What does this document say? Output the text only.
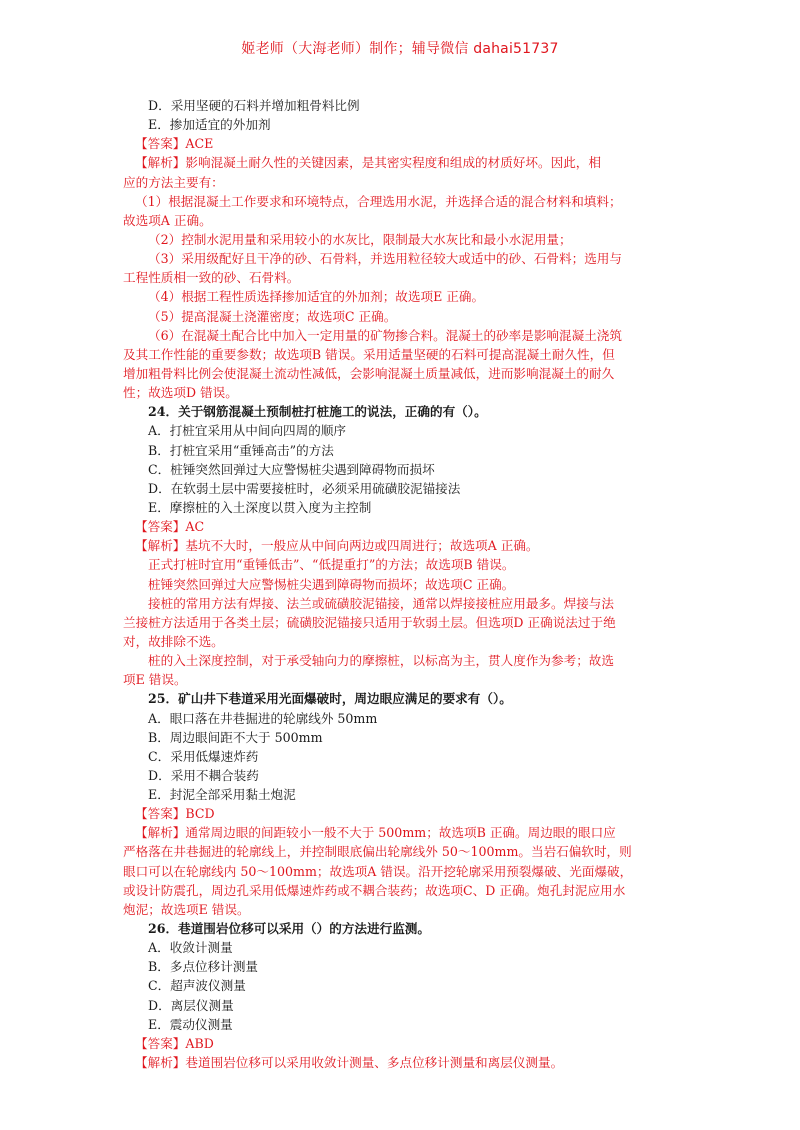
姬老师（大海老师）制作；辅导微信 dahai51737
D．采用坚硬的石料并增加粗骨料比例
E．掺加适宜的外加剂
【答案】ACE
【解析】影响混凝土耐久性的关键因素，是其密实程度和组成的材质好坏。因此，相
应的方法主要有：
（1）根据混凝土工作要求和环境特点，合理选用水泥，并选择合适的混合材料和填料；
故选项A 正确。
（2）控制水泥用量和采用较小的水灰比，限制最大水灰比和最小水泥用量；
（3）采用级配好且干净的砂、石骨料，并选用粒径较大或适中的砂、石骨料；选用与
工程性质相一致的砂、石骨料。
（4）根据工程性质选择掺加适宜的外加剂；故选项E 正确。
（5）提高混凝土浇灌密度；故选项C 正确。
（6）在混凝土配合比中加入一定用量的矿物掺合料。混凝土的砂率是影响混凝土浇筑
及其工作性能的重要参数；故选项B 错误。采用适量坚硬的石料可提高混凝土耐久性，但
增加粗骨料比例会使混凝土流动性减低，会影响混凝土质量减低，进而影响混凝土的耐久
性；故选项D 错误。
24．关于钢筋混凝土预制桩打桩施工的说法，正确的有（）。
A．打桩宜采用从中间向四周的顺序
B．打桩宜采用“重锤高击”的方法
C．桩锤突然回弹过大应警惕桩尖遇到障碍物而损坏
D．在软弱土层中需要接桩时，必须采用硫磺胶泥锚接法
E．摩擦桩的入土深度以贯入度为主控制
【答案】AC
【解析】基坑不大时，一般应从中间向两边或四周进行；故选项A 正确。
正式打桩时宜用“重锤低击”、“低提重打”的方法；故选项B 错误。
桩锤突然回弹过大应警惕桩尖遇到障碍物而损坏；故选项C 正确。
接桩的常用方法有焊接、法兰或硫磺胶泥锚接，通常以焊接接桩应用最多。焊接与法
兰接桩方法适用于各类土层；硫磺胶泥锚接只适用于软弱土层。但选项D 正确说法过于绝
对，故排除不选。
桩的入土深度控制，对于承受轴向力的摩擦桩，以标高为主，贯人度作为参考；故选
项E 错误。
25．矿山井下巷道采用光面爆破时，周边眼应满足的要求有（）。
A．眼口落在井巷掘进的轮廓线外 50mm
B．周边眼间距不大于 500mm
C．采用低爆速炸药
D．采用不耦合装药
E．封泥全部采用黏土炮泥
【答案】BCD
【解析】通常周边眼的间距较小一般不大于 500mm；故选项B 正确。周边眼的眼口应
严格落在井巷掘进的轮廓线上，并控制眼底偏出轮廓线外 50～100mm。当岩石偏软时，则
眼口可以在轮廓线内 50～100mm；故选项A 错误。沿开挖轮廓采用预裂爆破、光面爆破，
或设计防震孔，周边孔采用低爆速炸药或不耦合装药；故选项C、D 正确。炮孔封泥应用水
炮泥；故选项E 错误。
26．巷道围岩位移可以采用（）的方法进行监测。
A．收敛计测量
B．多点位移计测量
C．超声波仪测量
D．离层仪测量
E．震动仪测量
【答案】ABD
【解析】巷道围岩位移可以采用收敛计测量、多点位移计测量和离层仪测量。
